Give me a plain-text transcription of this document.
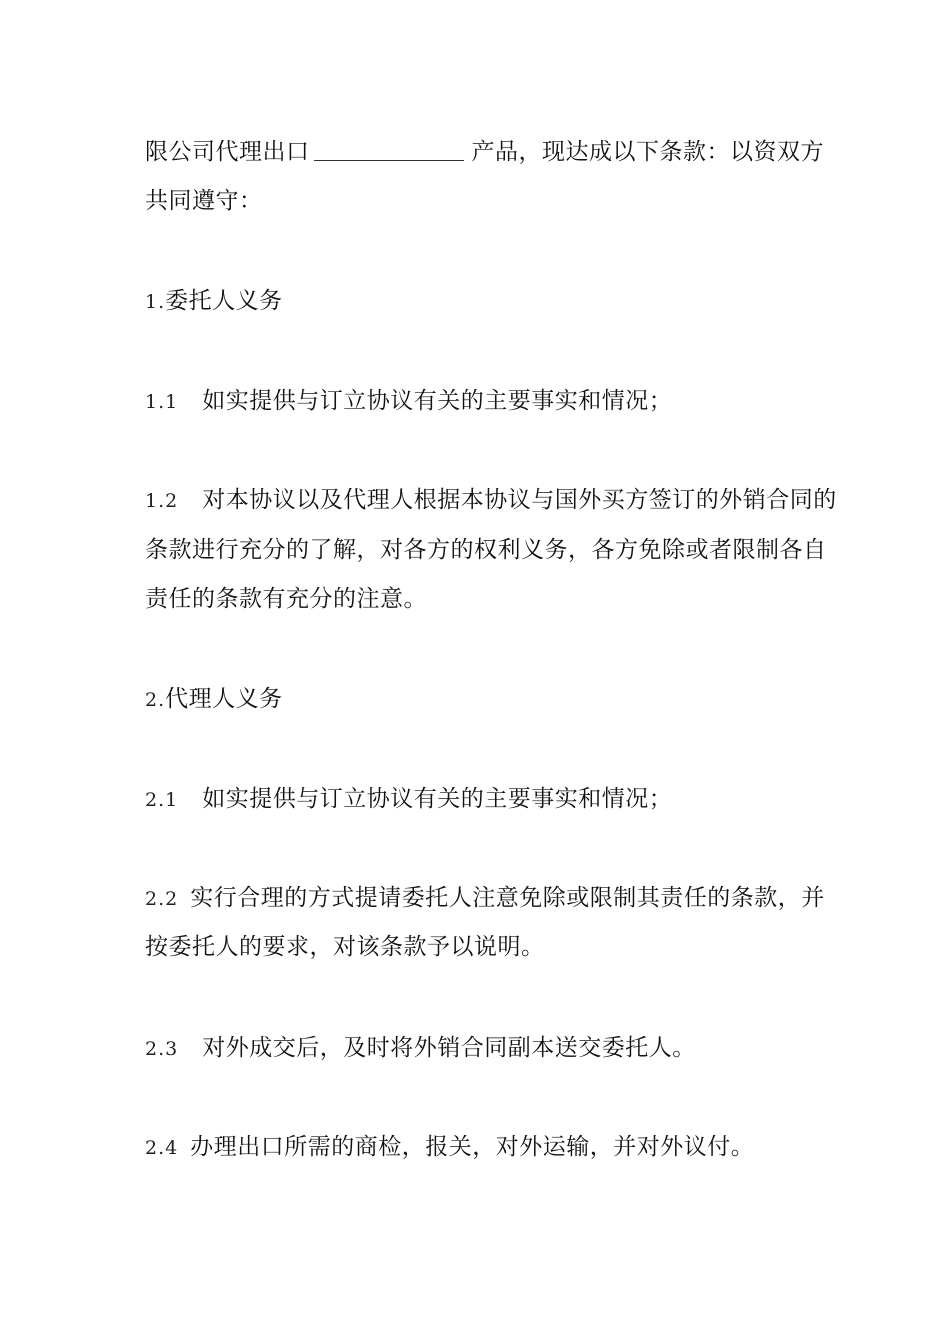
限公司代理出口	产品，现达成以下条款：以资双方
共同遵守：
1.委托人义务
1.1 如实提供与订立协议有关的主要事实和情况；
1.2 对本协议以及代理人根据本协议与国外买方签订的外销合同的
条款进行充分的了解，对各方的权利义务，各方免除或者限制各自
责任的条款有充分的注意。
2.代理人义务
2.1 如实提供与订立协议有关的主要事实和情况；
2.2 实行合理的方式提请委托人注意免除或限制其责任的条款，并
按委托人的要求，对该条款予以说明。
2.3 对外成交后，及时将外销合同副本送交委托人。
2.4 办理出口所需的商检，报关，对外运输，并对外议付。
